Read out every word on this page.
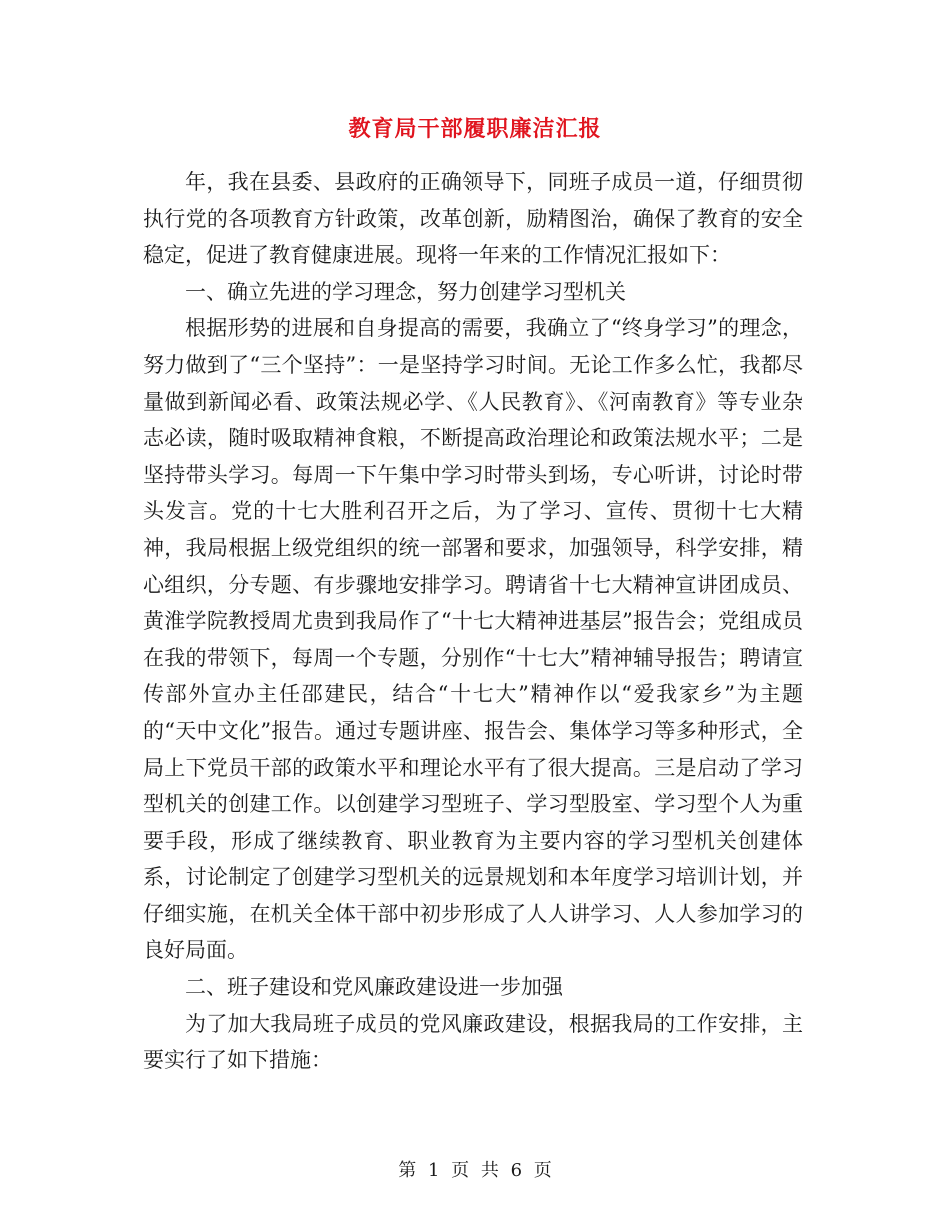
教育局干部履职廉洁汇报

年，我在县委、县政府的正确领导下，同班子成员一道，仔细贯彻执行党的各项教育方针政策，改革创新，励精图治，确保了教育的安全稳定，促进了教育健康进展。现将一年来的工作情况汇报如下：

一、确立先进的学习理念，努力创建学习型机关

根据形势的进展和自身提高的需要，我确立了“终身学习”的理念，努力做到了“三个坚持”：一是坚持学习时间。无论工作多么忙，我都尽量做到新闻必看、政策法规必学、《人民教育》、《河南教育》等专业杂志必读，随时吸取精神食粮，不断提高政治理论和政策法规水平；二是坚持带头学习。每周一下午集中学习时带头到场，专心听讲，讨论时带头发言。党的十七大胜利召开之后，为了学习、宣传、贯彻十七大精神，我局根据上级党组织的统一部署和要求，加强领导，科学安排，精心组织，分专题、有步骤地安排学习。聘请省十七大精神宣讲团成员、黄淮学院教授周尤贵到我局作了“十七大精神进基层”报告会；党组成员在我的带领下，每周一个专题，分别作“十七大”精神辅导报告；聘请宣传部外宣办主任邵建民，结合“十七大”精神作以“爱我家乡”为主题的“天中文化”报告。通过专题讲座、报告会、集体学习等多种形式，全局上下党员干部的政策水平和理论水平有了很大提高。三是启动了学习型机关的创建工作。以创建学习型班子、学习型股室、学习型个人为重要手段，形成了继续教育、职业教育为主要内容的学习型机关创建体系，讨论制定了创建学习型机关的远景规划和本年度学习培训计划，并仔细实施，在机关全体干部中初步形成了人人讲学习、人人参加学习的良好局面。

二、班子建设和党风廉政建设进一步加强

为了加大我局班子成员的党风廉政建设，根据我局的工作安排，主要实行了如下措施：

第 1 页 共 6 页
